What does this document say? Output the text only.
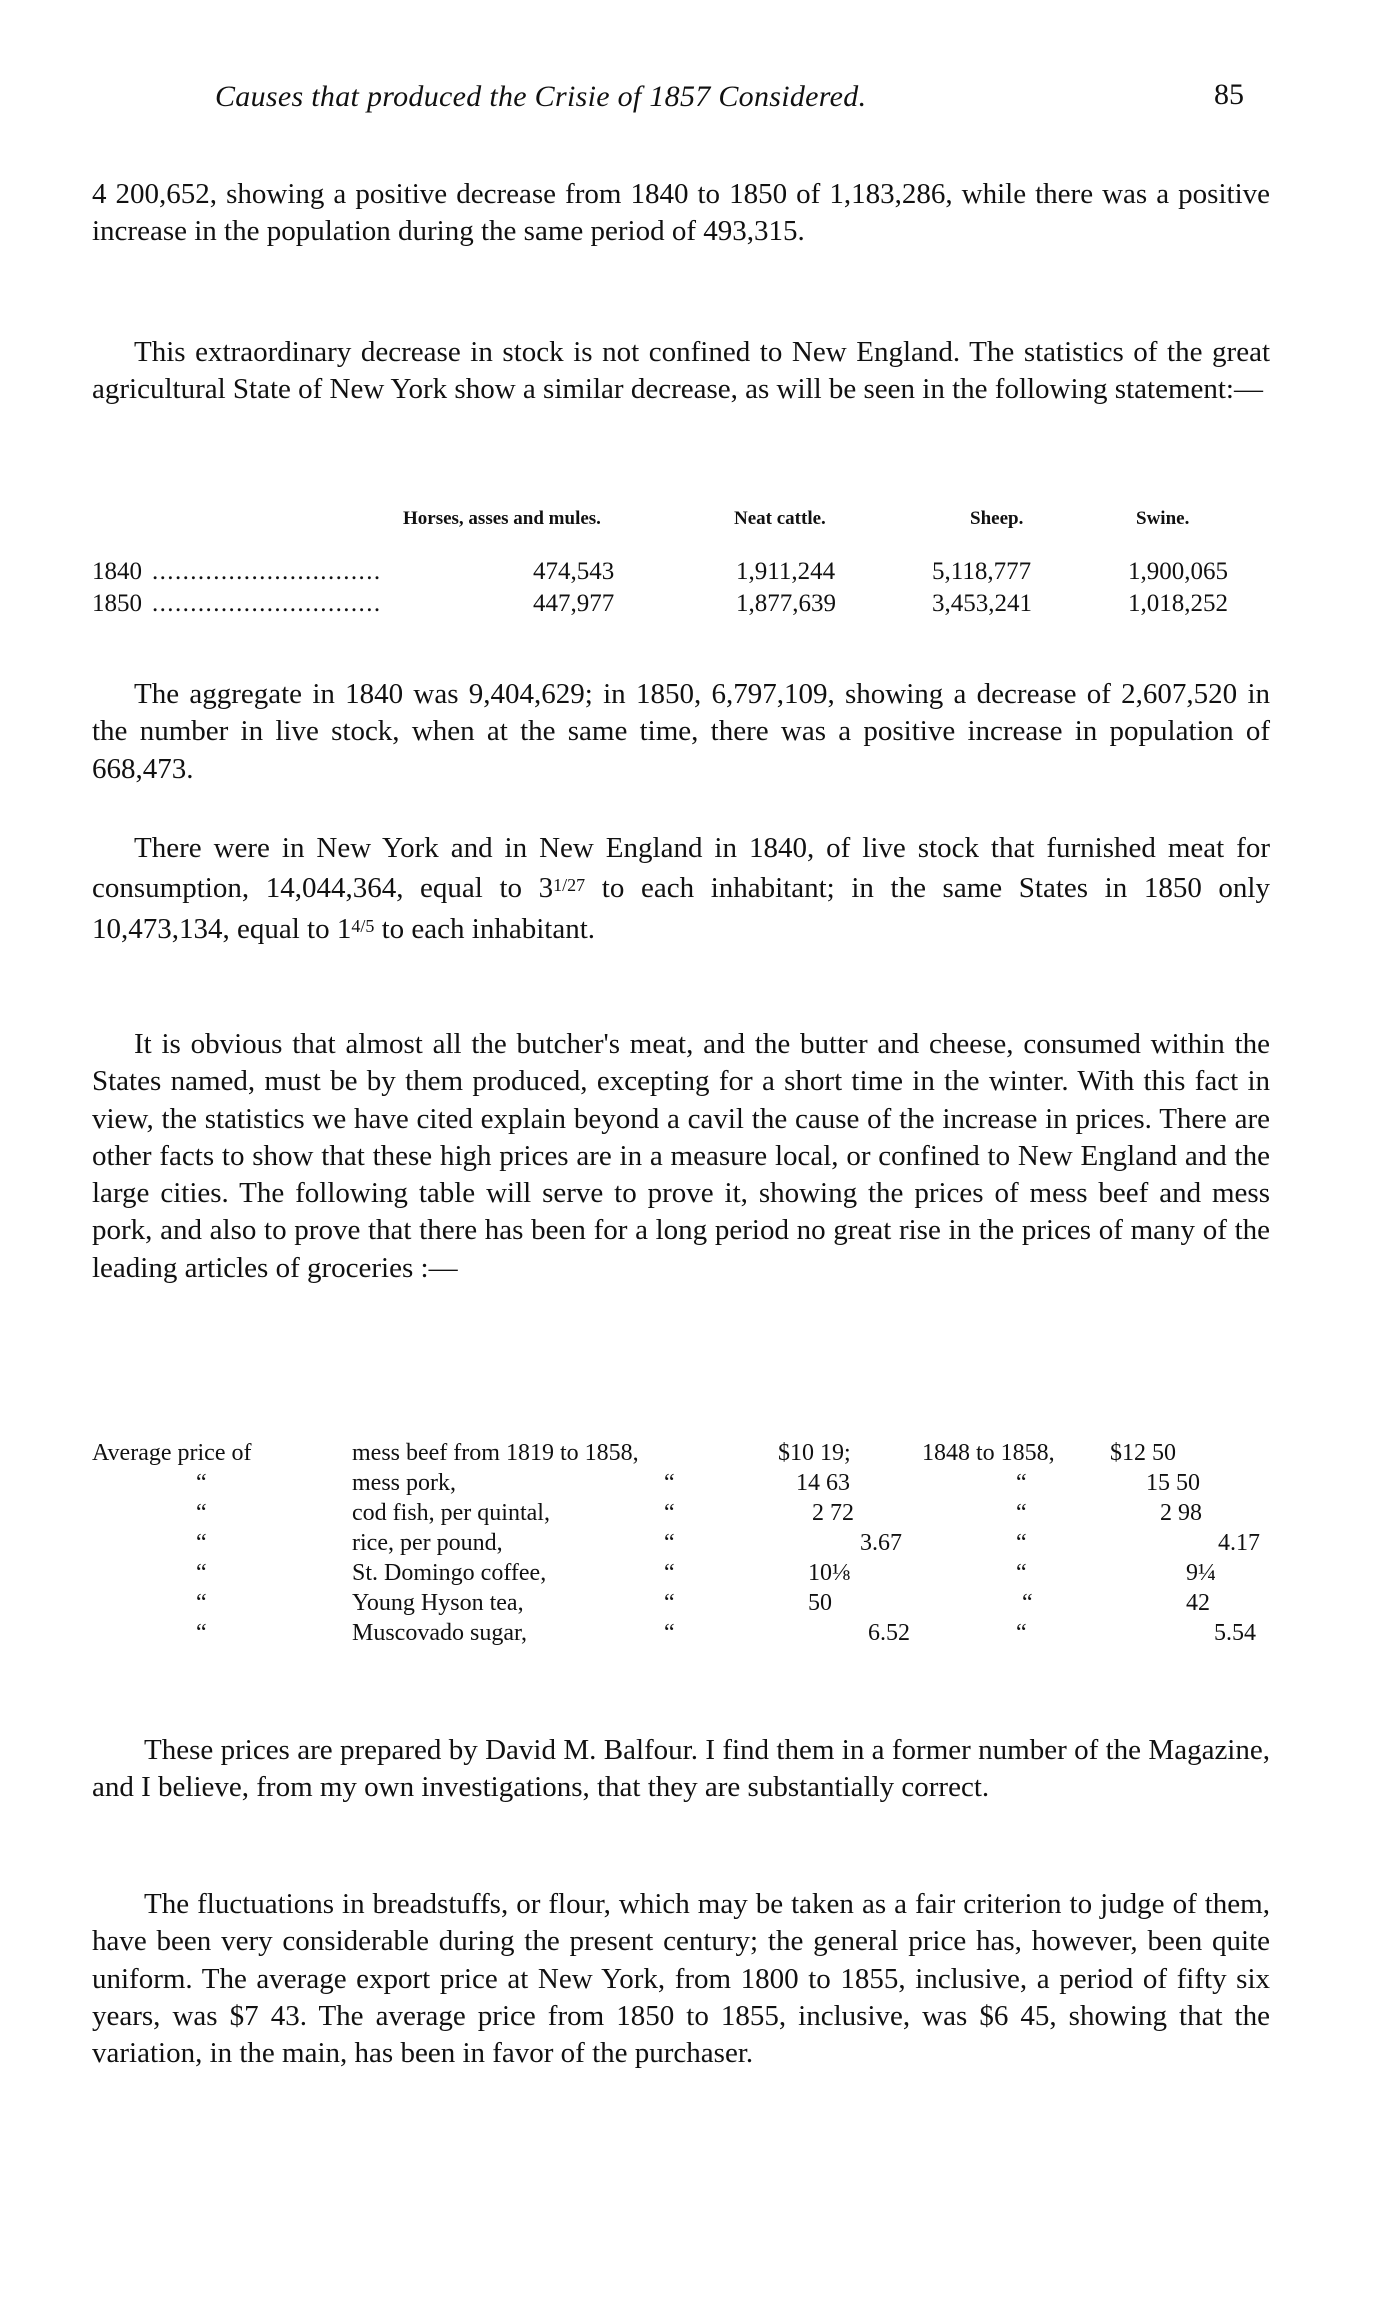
Causes that produced the Crisie of 1857 Considered.	85

4 200,652, showing a positive decrease from 1840 to 1850 of 1,183,286, while there was a positive increase in the population during the same period of 493,315.

This extraordinary decrease in stock is not confined to New England. The statistics of the great agricultural State of New York show a similar decrease, as will be seen in the following statement:—

Horses, asses and mules.	Neat cattle.	Sheep.	Swine.
1840 ..............................	474,543	1,911,244	5,118,777	1,900,065
1850 ..............................	447,977	1,877,639	3,453,241	1,018,252

The aggregate in 1840 was 9,404,629; in 1850, 6,797,109, showing a decrease of 2,607,520 in the number in live stock, when at the same time, there was a positive increase in population of 668,473.

There were in New York and in New England in 1840, of live stock that furnished meat for consumption, 14,044,364, equal to $3^{1/27}$ to each inhabitant; in the same States in 1850 only 10,473,134, equal to $1^{4/5}$ to each inhabitant.

It is obvious that almost all the butcher's meat, and the butter and cheese, consumed within the States named, must be by them produced, excepting for a short time in the winter. With this fact in view, the statistics we have cited explain beyond a cavil the cause of the increase in prices. There are other facts to show that these high prices are in a measure local, or confined to New England and the large cities. The following table will serve to prove it, showing the prices of mess beef and mess pork, and also to prove that there has been for a long period no great rise in the prices of many of the leading articles of groceries :—

Average price of	mess beef from 1819 to 1858,	$10 19;	1848 to 1858, $12 50
“	mess pork,	“	14 63	“	15 50
“	cod fish, per quintal,	“	2 72	“	2 98
“	rice, per pound,	“	3.67	“	4.17
“	St. Domingo coffee,	“	10⅛	“	9¼
“	Young Hyson tea,	“	50	“	42
“	Muscovado sugar,	“	6.52	“	5.54

These prices are prepared by David M. Balfour. I find them in a former number of the Magazine, and I believe, from my own investigations, that they are substantially correct.

The fluctuations in breadstuffs, or flour, which may be taken as a fair criterion to judge of them, have been very considerable during the present century; the general price has, however, been quite uniform. The average export price at New York, from 1800 to 1855, inclusive, a period of fifty six years, was $7 43. The average price from 1850 to 1855, inclusive, was $6 45, showing that the variation, in the main, has been in favor of the purchaser.
